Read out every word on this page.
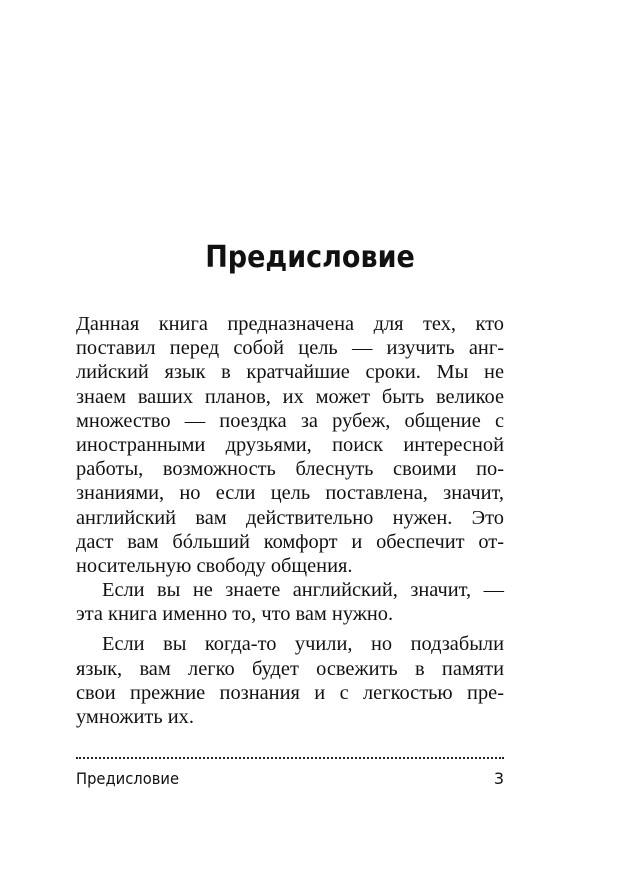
Предисловие
Данная книга предназначена для тех, кто
поставил перед собой цель — изучить анг-
лийский язык в кратчайшие сроки. Мы не
знаем ваших планов, их может быть великое
множество — поездка за рубеж, общение с
иностранными друзьями, поиск интересной
работы, возможность блеснуть своими по-
знаниями, но если цель поставлена, значит,
английский вам действительно нужен. Это
даст вам бóльший комфорт и обеспечит от-
носительную свободу общения.
Если вы не знаете английский, значит, —
эта книга именно то, что вам нужно.
Если вы когда-то учили, но подзабыли
язык, вам легко будет освежить в памяти
свои прежние познания и с легкостью пре-
умножить их.
Предисловие	3
